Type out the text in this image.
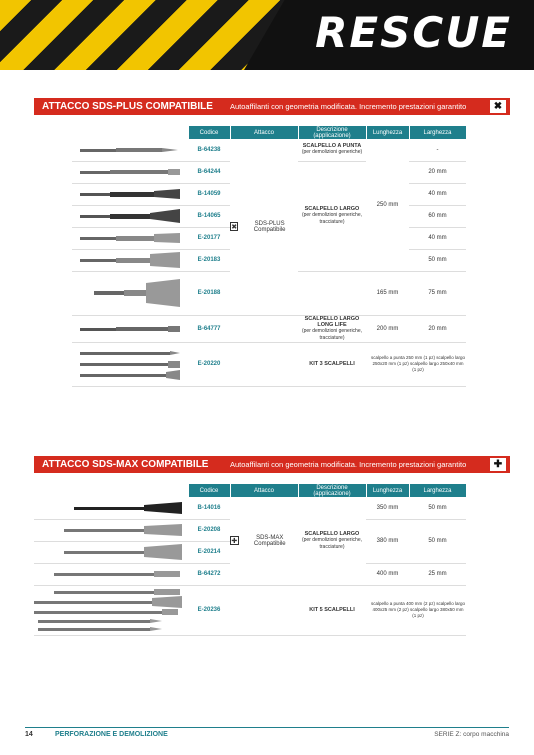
RESCUE
ATTACCO SDS-PLUS COMPATIBILE	Autoaffilanti con geometria modificata. Incremento prestazioni garantito	✖
	Codice	Attacco	Descrizione (applicazione)	Lunghezza	Larghezza

	B-64238	✖ SDS-PLUS Compatibile	SCALPELLO A PUNTA
(per demolizioni generiche)	250 mm	-

	B-64244		SCALPELLO LARGO
(per demolizioni generiche, tracciature)		20 mm

	B-14059				40 mm

	B-14065				60 mm

	E-20177				40 mm

	E-20183				50 mm

	E-20188			165 mm	75 mm

	B-64777		SCALPELLO LARGO LONG LIFE
(per demolizioni generiche, tracciature)	200 mm	20 mm

	E-20220		KIT 3 SCALPELLI	scalpello a punta 250 mm (1 pz) scalpello largo 250x20 mm (1 pz) scalpello largo 250x40 mm (1 pz)	
ATTACCO SDS-MAX COMPATIBILE	Autoaffilanti con geometria modificata. Incremento prestazioni garantito	✚
	Codice	Attacco	Descrizione (applicazione)	Lunghezza	Larghezza

	B-14016	✚ SDS-MAX Compatibile	SCALPELLO LARGO
(per demolizioni generiche, tracciature)	350 mm	50 mm

	E-20208			380 mm	50 mm

	E-20214				

	B-64272			400 mm	25 mm

	E-20236		KIT 5 SCALPELLI	scalpello a punta 400 mm (2 pz) scalpello largo 400x25 mm (2 pz) scalpello largo 380x50 mm (1 pz)	
14	PERFORAZIONE E DEMOLIZIONE	SERIE Z: corpo macchina
